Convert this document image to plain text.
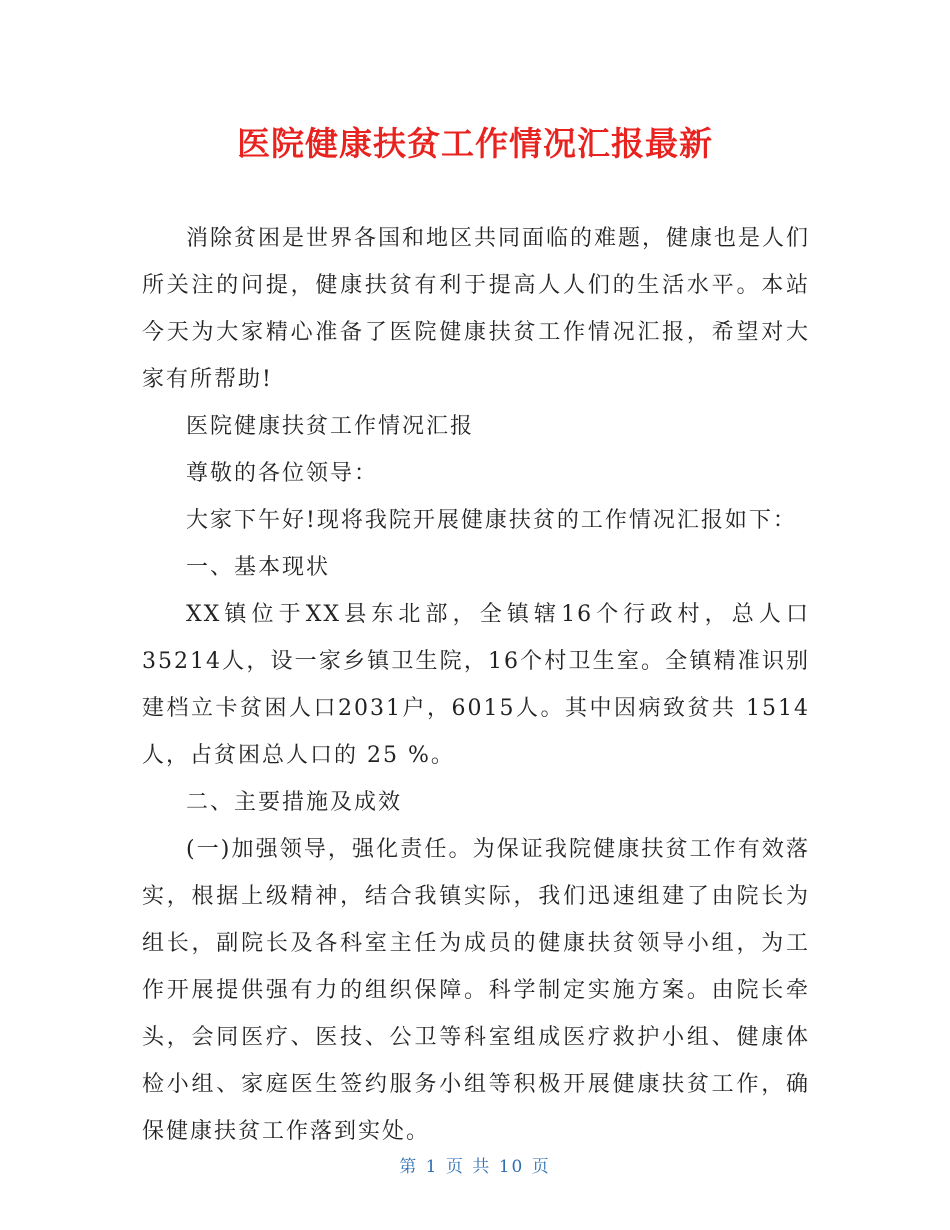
医院健康扶贫工作情况汇报最新

消除贫困是世界各国和地区共同面临的难题，健康也是人们所关注的问提，健康扶贫有利于提高人人们的生活水平。本站今天为大家精心准备了医院健康扶贫工作情况汇报，希望对大家有所帮助!

医院健康扶贫工作情况汇报

尊敬的各位领导：

大家下午好!现将我院开展健康扶贫的工作情况汇报如下：

一、基本现状

XX镇位于XX县东北部，全镇辖16个行政村，总人口35214人，设一家乡镇卫生院，16个村卫生室。全镇精准识别建档立卡贫困人口2031户，6015人。其中因病致贫共 1514 人，占贫困总人口的 25 %。

二、主要措施及成效

(一)加强领导，强化责任。为保证我院健康扶贫工作有效落实，根据上级精神，结合我镇实际，我们迅速组建了由院长为组长，副院长及各科室主任为成员的健康扶贫领导小组，为工作开展提供强有力的组织保障。科学制定实施方案。由院长牵头，会同医疗、医技、公卫等科室组成医疗救护小组、健康体检小组、家庭医生签约服务小组等积极开展健康扶贫工作，确保健康扶贫工作落到实处。

第 1 页 共 10 页
